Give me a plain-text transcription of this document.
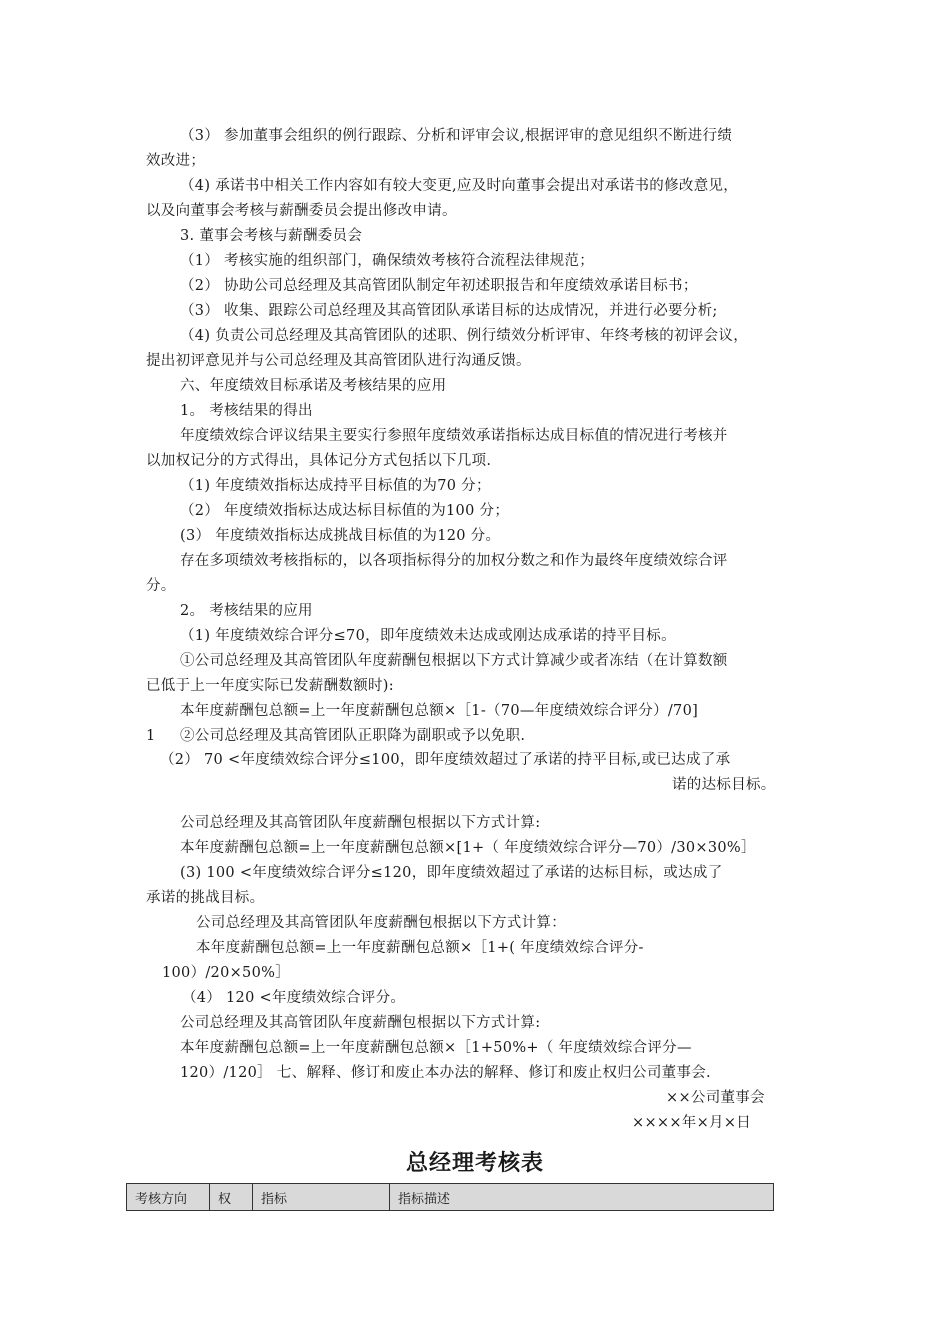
（3） 参加董事会组织的例行跟踪、分析和评审会议,根据评审的意见组织不断进行绩
效改进；
（4) 承诺书中相关工作内容如有较大变更,应及时向董事会提出对承诺书的修改意见，
以及向董事会考核与薪酬委员会提出修改申请。
3. 董事会考核与薪酬委员会
（1） 考核实施的组织部门，确保绩效考核符合流程法律规范；
（2） 协助公司总经理及其高管团队制定年初述职报告和年度绩效承诺目标书；
（3） 收集、跟踪公司总经理及其高管团队承诺目标的达成情况，并进行必要分析;
（4) 负责公司总经理及其高管团队的述职、例行绩效分析评审、年终考核的初评会议，
提出初评意见并与公司总经理及其高管团队进行沟通反馈。
六、年度绩效目标承诺及考核结果的应用
1。 考核结果的得出
年度绩效综合评议结果主要实行参照年度绩效承诺指标达成目标值的情况进行考核并
以加权记分的方式得出，具体记分方式包括以下几项.
（1) 年度绩效指标达成持平目标值的为70 分；
（2） 年度绩效指标达成达标目标值的为100 分；
(3） 年度绩效指标达成挑战目标值的为120 分。
存在多项绩效考核指标的，以各项指标得分的加权分数之和作为最终年度绩效综合评
分。
2。 考核结果的应用
（1) 年度绩效综合评分≤70，即年度绩效未达成或刚达成承诺的持平目标。
①公司总经理及其高管团队年度薪酬包根据以下方式计算减少或者冻结（在计算数额
已低于上一年度实际已发薪酬数额时):
本年度薪酬包总额=上一年度薪酬包总额×［1-（70—年度绩效综合评分）/70]
1 ②公司总经理及其高管团队正职降为副职或予以免职.
（2） 70 <年度绩效综合评分≤100，即年度绩效超过了承诺的持平目标,或已达成了承
诺的达标目标。
公司总经理及其高管团队年度薪酬包根据以下方式计算:
本年度薪酬包总额=上一年度薪酬包总额×[1+（ 年度绩效综合评分—70）/30×30%］
(3) 100 <年度绩效综合评分≤120，即年度绩效超过了承诺的达标目标，或达成了
承诺的挑战目标。
公司总经理及其高管团队年度薪酬包根据以下方式计算：
本年度薪酬包总额=上一年度薪酬包总额×［1+( 年度绩效综合评分-
100）/20×50%］
（4） 120 <年度绩效综合评分。
公司总经理及其高管团队年度薪酬包根据以下方式计算:
本年度薪酬包总额=上一年度薪酬包总额×［1+50%+（ 年度绩效综合评分—
120）/120］ 七、解释、修订和废止本办法的解释、修订和废止权归公司董事会.
××公司董事会
××××年×月×日
总经理考核表
考核方向	权	指标	指标描述
